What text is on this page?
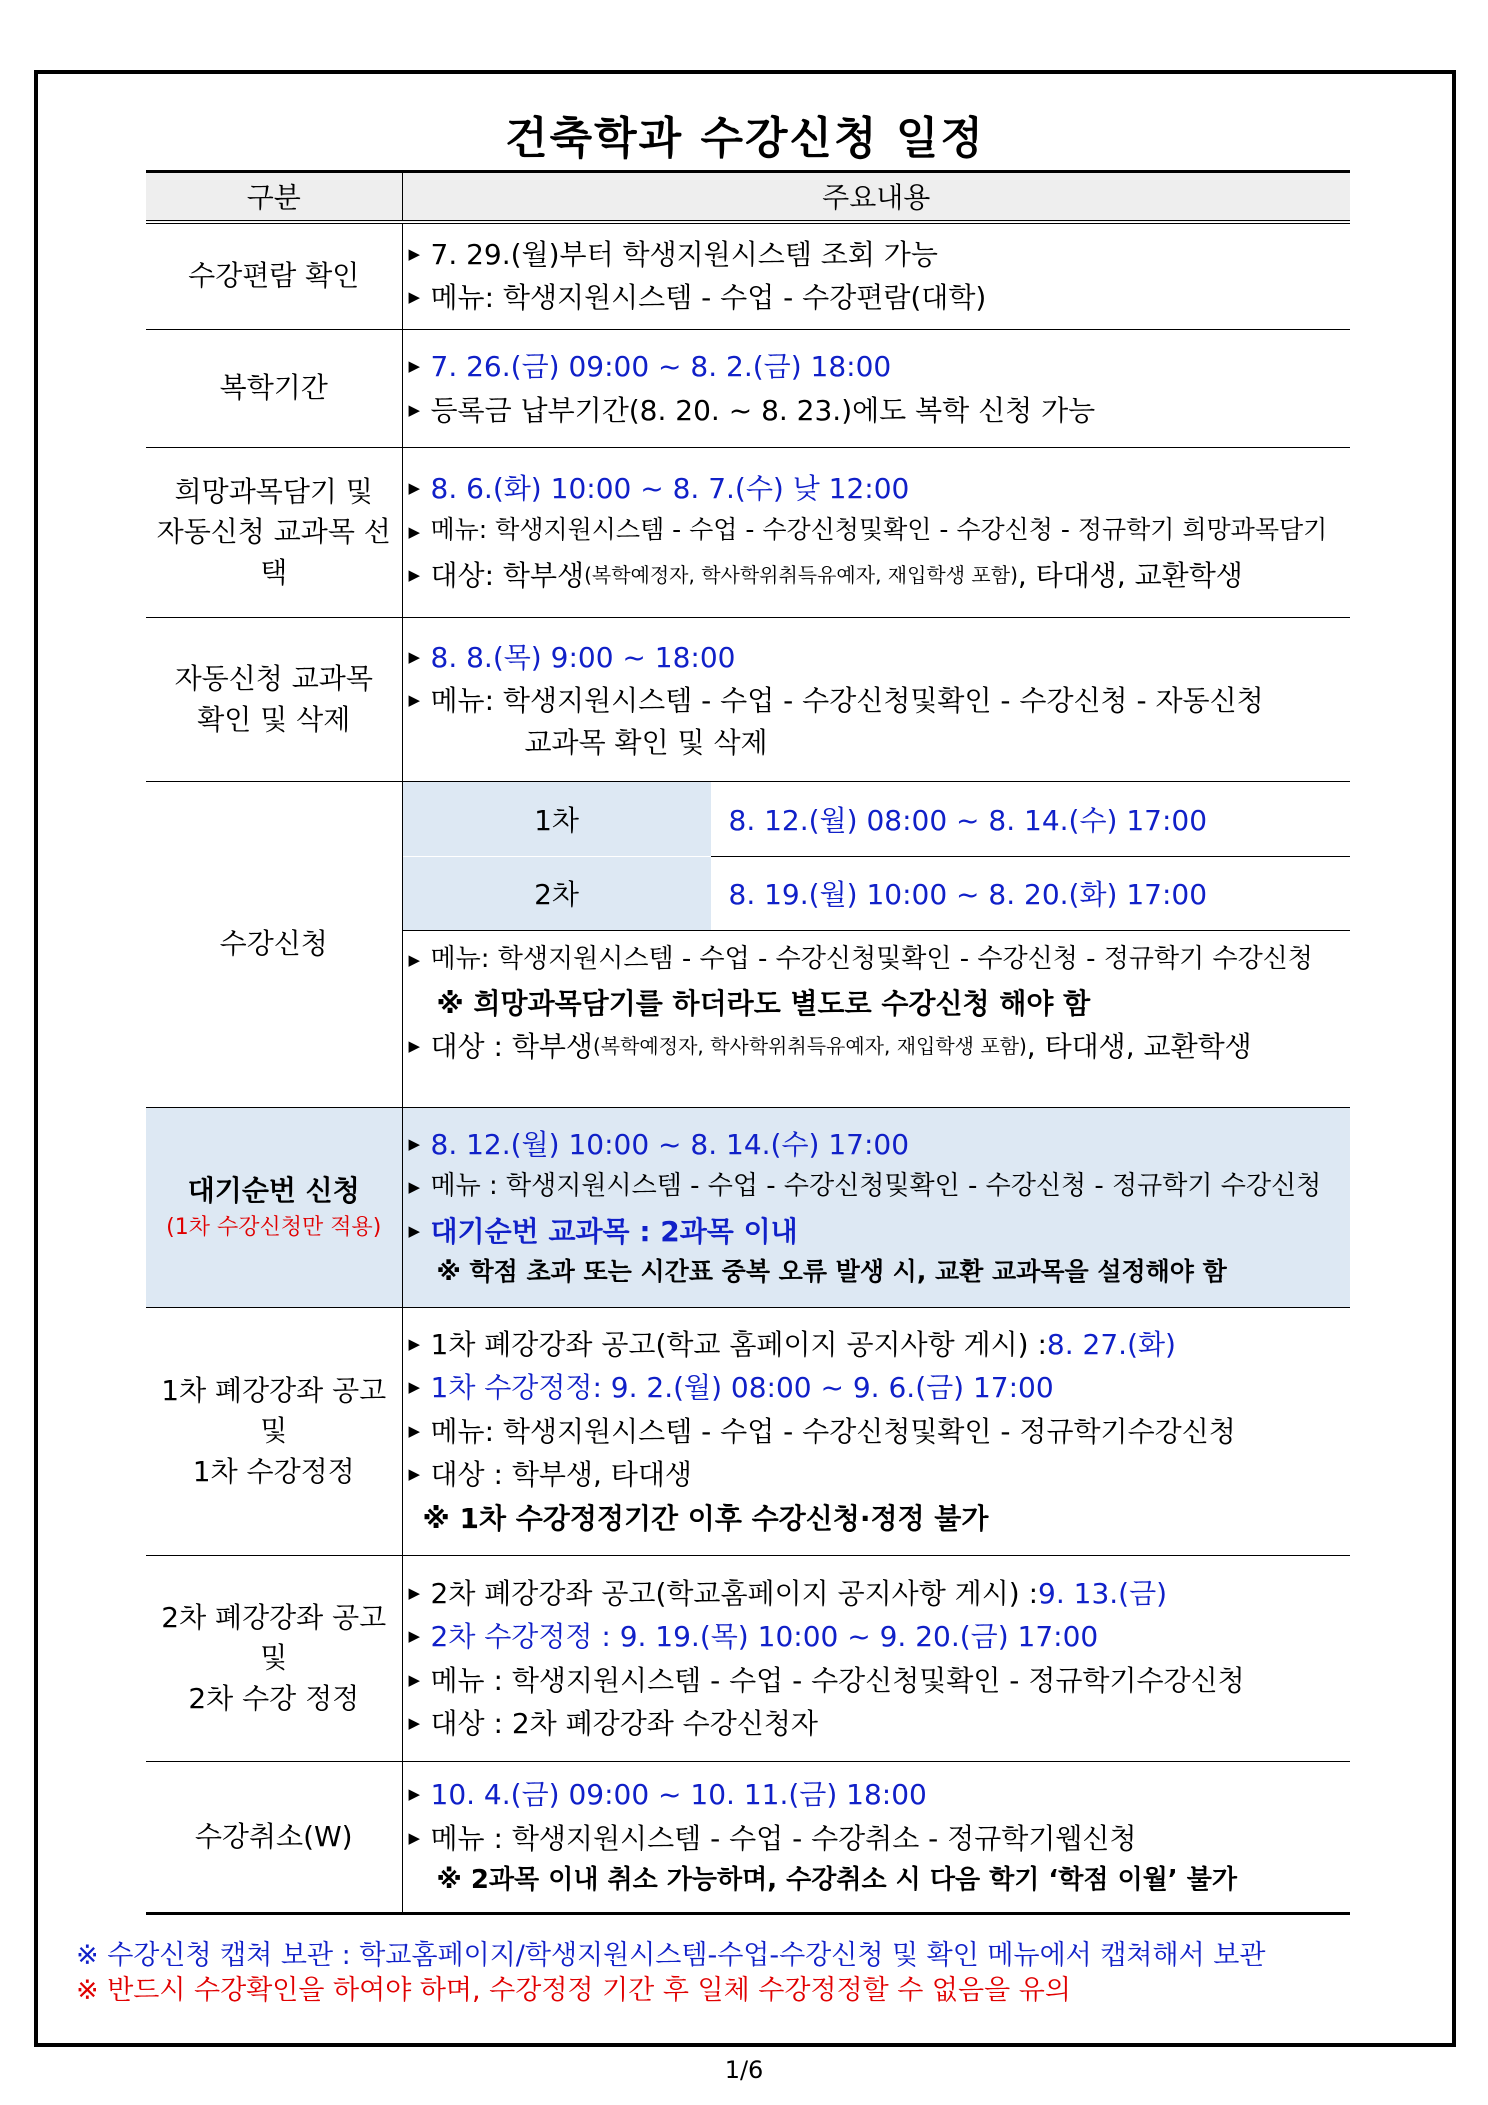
건축학과 수강신청 일정
구분	주요내용

수강편람 확인

▶ 7. 29.(월)부터 학생지원시스템 조회 가능
▶ 메뉴: 학생지원시스템 - 수업 - 수강편람(대학)

복학기간

▶ 7. 26.(금) 09:00 ~ 8. 2.(금) 18:00
▶ 등록금 납부기간(8. 20. ~ 8. 23.)에도 복학 신청 가능

희망과목담기 및
자동신청 교과목 선택

▶ 8. 6.(화) 10:00 ~ 8. 7.(수) 낮 12:00
▶ 메뉴: 학생지원시스템 - 수업 - 수강신청및확인 - 수강신청 - 정규학기 희망과목담기
▶ 대상: 학부생 (복학예정자, 학사학위취득유예자, 재입학생 포함) , 타대생, 교환학생

자동신청 교과목
확인 및 삭제

▶ 8. 8.(목) 9:00 ~ 18:00
▶ 메뉴: 학생지원시스템 - 수업 - 수강신청및확인 - 수강신청 - 자동신청
교과목 확인 및 삭제

수강신청

1차	8. 12.(월) 08:00 ~ 8. 14.(수) 17:00
2차	8. 19.(월) 10:00 ~ 8. 20.(화) 17:00
▶ 메뉴: 학생지원시스템 - 수업 - 수강신청및확인 - 수강신청 - 정규학기 수강신청
※ 희망과목담기를 하더라도 별도로 수강신청 해야 함
▶ 대상 : 학부생 (복학예정자, 학사학위취득유예자, 재입학생 포함) , 타대생, 교환학생

대기순번 신청
(1차 수강신청만 적용)

▶ 8. 12.(월) 10:00 ~ 8. 14.(수) 17:00
▶ 메뉴 : 학생지원시스템 - 수업 - 수강신청및확인 - 수강신청 - 정규학기 수강신청
▶ 대기순번 교과목 : 2과목 이내
※ 학점 초과 또는 시간표 중복 오류 발생 시, 교환 교과목을 설정해야 함

1차 폐강강좌 공고
및
1차 수강정정

▶ 1차 폐강강좌 공고(학교 홈페이지 공지사항 게시) : 8. 27.(화)
▶ 1차 수강정정: 9. 2.(월) 08:00 ~ 9. 6.(금) 17:00
▶ 메뉴: 학생지원시스템 - 수업 - 수강신청및확인 - 정규학기수강신청
▶ 대상 : 학부생, 타대생
※ 1차 수강정정기간 이후 수강신청·정정 불가

2차 폐강강좌 공고
및
2차 수강 정정

▶ 2차 폐강강좌 공고(학교홈페이지 공지사항 게시) : 9. 13.(금)
▶ 2차 수강정정 : 9. 19.(목) 10:00 ~ 9. 20.(금) 17:00
▶ 메뉴 : 학생지원시스템 - 수업 - 수강신청및확인 - 정규학기수강신청
▶ 대상 : 2차 폐강강좌 수강신청자

수강취소(W)

▶ 10. 4.(금) 09:00 ~ 10. 11.(금) 18:00
▶ 메뉴 : 학생지원시스템 - 수업 - 수강취소 - 정규학기웹신청
※ 2과목 이내 취소 가능하며, 수강취소 시 다음 학기 ‘학점 이월’ 불가
※ 수강신청 캡쳐 보관 : 학교홈페이지/학생지원시스템-수업-수강신청 및 확인 메뉴에서 캡쳐해서 보관
※ 반드시 수강확인을 하여야 하며, 수강정정 기간 후 일체 수강정정할 수 없음을 유의
1/6
